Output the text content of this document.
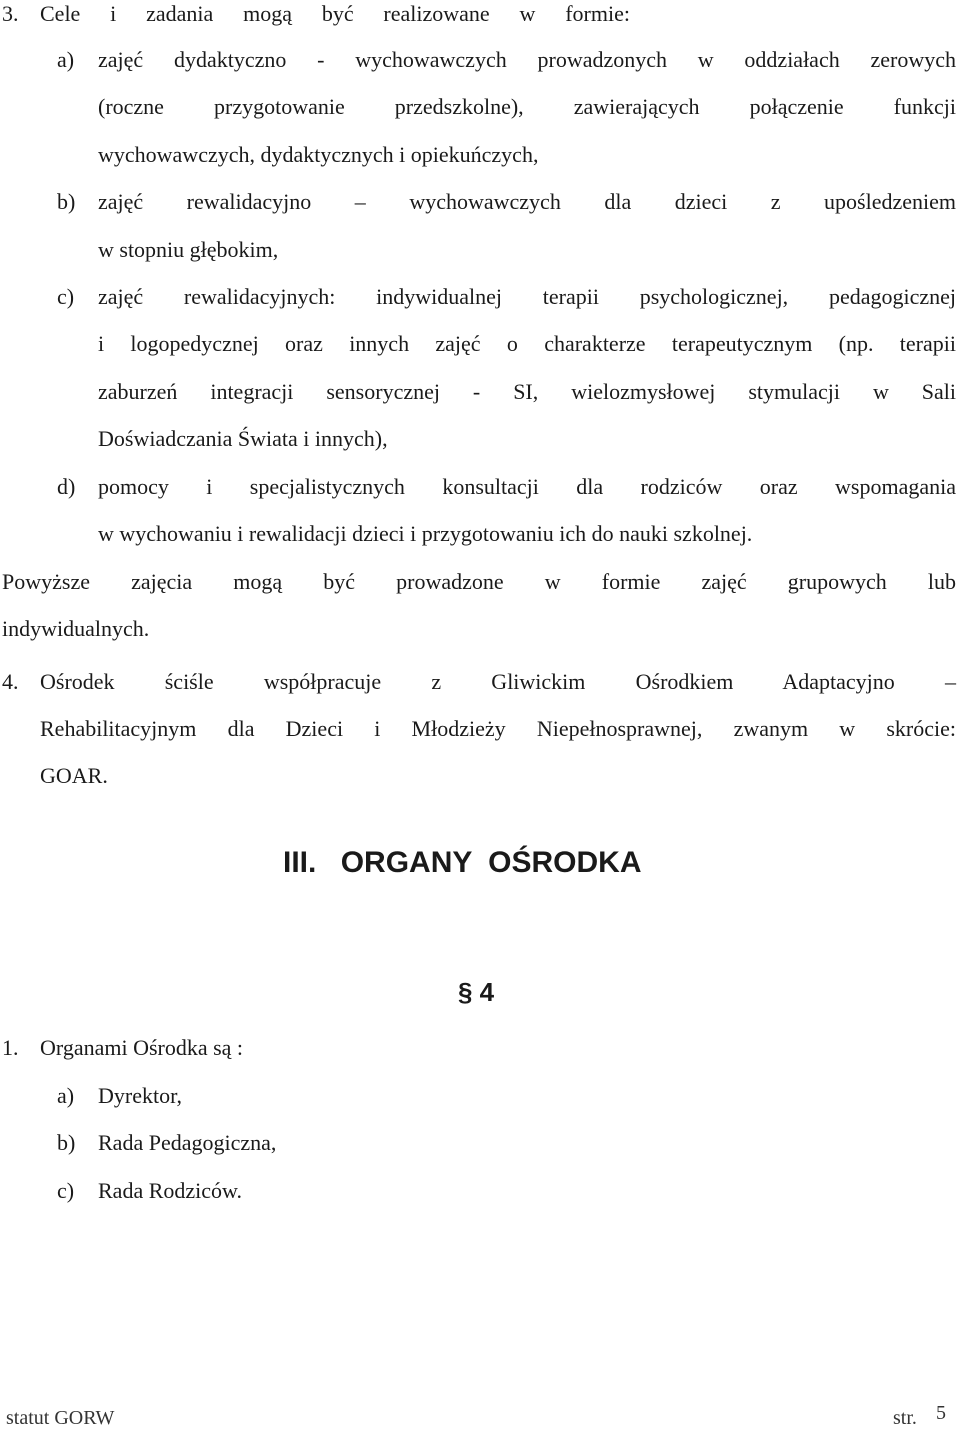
3. Cele i zadania mogą być realizowane w formie:
a) zajęć dydaktyczno - wychowawczych prowadzonych w oddziałach zerowych
(roczne przygotowanie przedszkolne), zawierających połączenie funkcji
wychowawczych, dydaktycznych i opiekuńczych,
b) zajęć rewalidacyjno – wychowawczych dla dzieci z upośledzeniem
w stopniu głębokim,
c) zajęć rewalidacyjnych: indywidualnej terapii psychologicznej, pedagogicznej
i logopedycznej oraz innych zajęć o charakterze terapeutycznym (np. terapii
zaburzeń integracji sensorycznej - SI, wielozmysłowej stymulacji w Sali
Doświadczania Świata i innych),
d) pomocy i specjalistycznych konsultacji dla rodziców oraz wspomagania
w wychowaniu i rewalidacji dzieci i przygotowaniu ich do nauki szkolnej.
Powyższe zajęcia mogą być prowadzone w formie zajęć grupowych lub
indywidualnych.
4. Ośrodek ściśle współpracuje z Gliwickim Ośrodkiem Adaptacyjno –
Rehabilitacyjnym dla Dzieci i Młodzieży Niepełnosprawnej, zwanym w skrócie:
GOAR.
III. ORGANY OŚRODKA
§ 4
1. Organami Ośrodka są :
a) Dyrektor,
b) Rada Pedagogiczna,
c) Rada Rodziców.
statut GORW	str. 5
